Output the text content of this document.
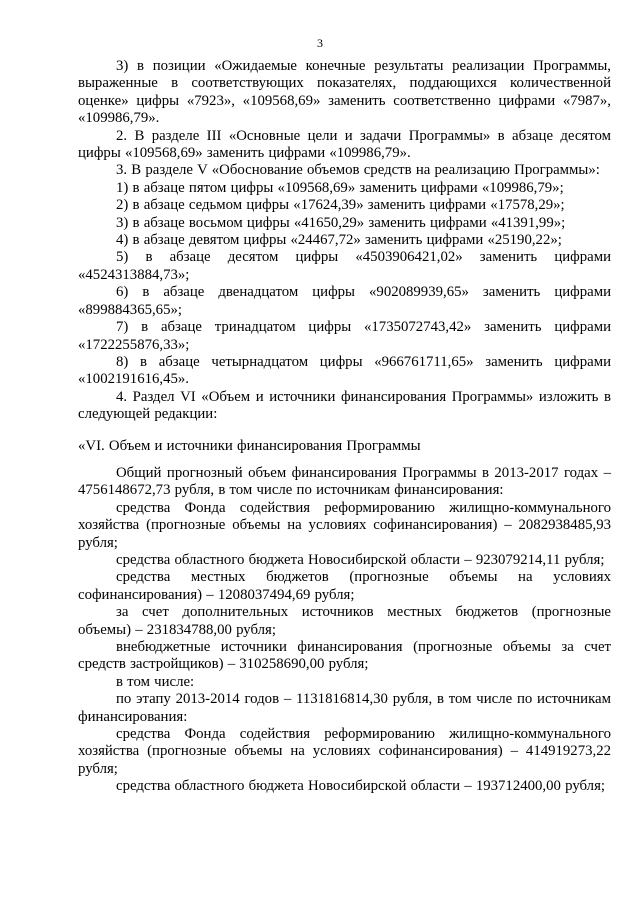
3

3) в позиции «Ожидаемые конечные результаты реализации Программы, выраженные в соответствующих показателях, поддающихся количественной оценке» цифры «7923», «109568,69» заменить соответственно цифрами «7987», «109986,79».

2. В разделе III «Основные цели и задачи Программы» в абзаце десятом цифры «109568,69» заменить цифрами «109986,79».

3. В разделе V «Обоснование объемов средств на реализацию Программы»:

1) в абзаце пятом цифры «109568,69» заменить цифрами «109986,79»;

2) в абзаце седьмом цифры «17624,39» заменить цифрами «17578,29»;

3) в абзаце восьмом цифры «41650,29» заменить цифрами «41391,99»;

4) в абзаце девятом цифры «24467,72» заменить цифрами «25190,22»;

5) в абзаце десятом цифры «4503906421,02» заменить цифрами «4524313884,73»;

6) в абзаце двенадцатом цифры «902089939,65» заменить цифрами «899884365,65»;

7) в абзаце тринадцатом цифры «1735072743,42» заменить цифрами «1722255876,33»;

8) в абзаце четырнадцатом цифры «966761711,65» заменить цифрами «1002191616,45».

4. Раздел VI «Объем и источники финансирования Программы» изложить в следующей редакции:

«VI. Объем и источники финансирования Программы

Общий прогнозный объем финансирования Программы в 2013-2017 годах – 4756148672,73 рубля, в том числе по источникам финансирования:

средства Фонда содействия реформированию жилищно-коммунального хозяйства (прогнозные объемы на условиях софинансирования) – 2082938485,93 рубля;

средства областного бюджета Новосибирской области – 923079214,11 рубля;

средства местных бюджетов (прогнозные объемы на условиях софинансирования) – 1208037494,69 рубля;

за счет дополнительных источников местных бюджетов (прогнозные объемы) – 231834788,00 рубля;

внебюджетные источники финансирования (прогнозные объемы за счет средств застройщиков) – 310258690,00 рубля;

в том числе:

по этапу 2013-2014 годов – 1131816814,30 рубля, в том числе по источникам финансирования:

средства Фонда содействия реформированию жилищно-коммунального хозяйства (прогнозные объемы на условиях софинансирования) – 414919273,22 рубля;

средства областного бюджета Новосибирской области – 193712400,00 рубля;
